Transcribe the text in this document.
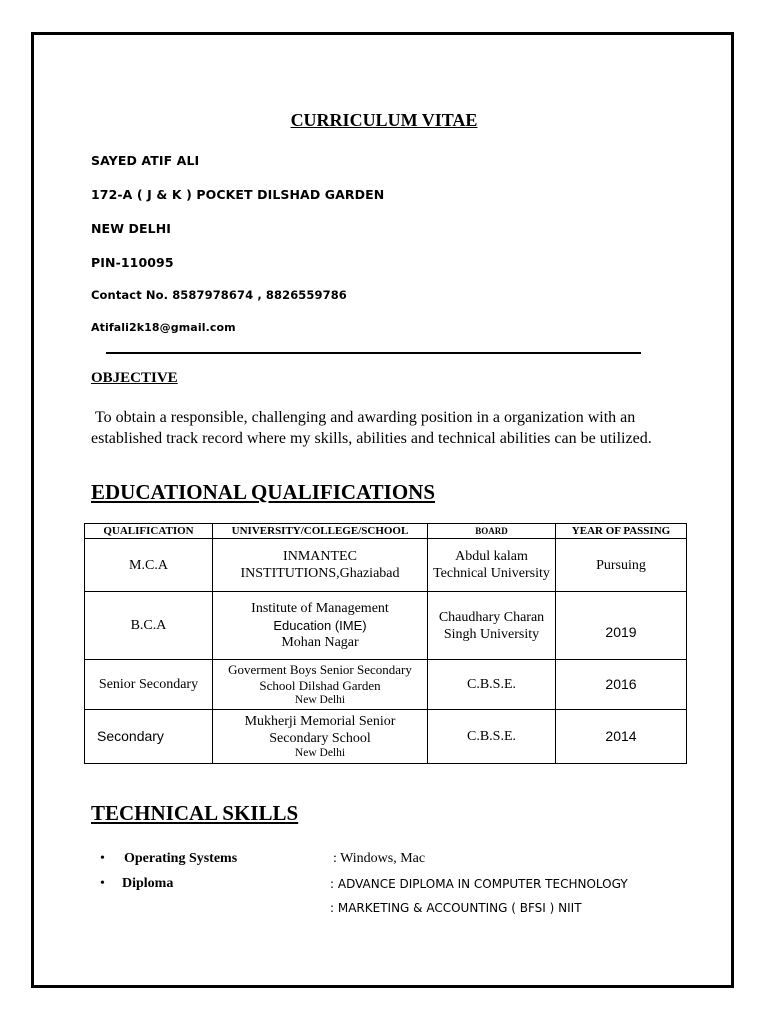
CURRICULUM VITAE
SAYED ATIF ALI
172-A ( J & K ) POCKET DILSHAD GARDEN
NEW DELHI
PIN-110095
Contact No. 8587978674 , 8826559786
Atifali2k18@gmail.com
OBJECTIVE

To obtain a responsible, challenging and awarding position in a organization with an established track record where my skills, abilities and technical abilities can be utilized.

EDUCATIONAL QUALIFICATIONS
QUALIFICATION	UNIVERSITY/COLLEGE/SCHOOL	BOARD	YEAR OF PASSING
M.C.A	INMANTEC INSTITUTIONS,Ghaziabad	Abdul kalam Technical University	Pursuing
B.C.A	Institute of Management
Education (IME)
Mohan Nagar	Chaudhary Charan Singh University	2019
Senior Secondary	Goverment Boys Senior Secondary School Dilshad Garden
New Delhi	C.B.S.E.	2016
Secondary	Mukherji Memorial Senior Secondary School
New Delhi	C.B.S.E.	2014
TECHNICAL SKILLS
• Operating Systems	: Windows, Mac
• Diploma	: ADVANCE DIPLOMA IN COMPUTER TECHNOLOGY
: MARKETING & ACCOUNTING ( BFSI ) NIIT
